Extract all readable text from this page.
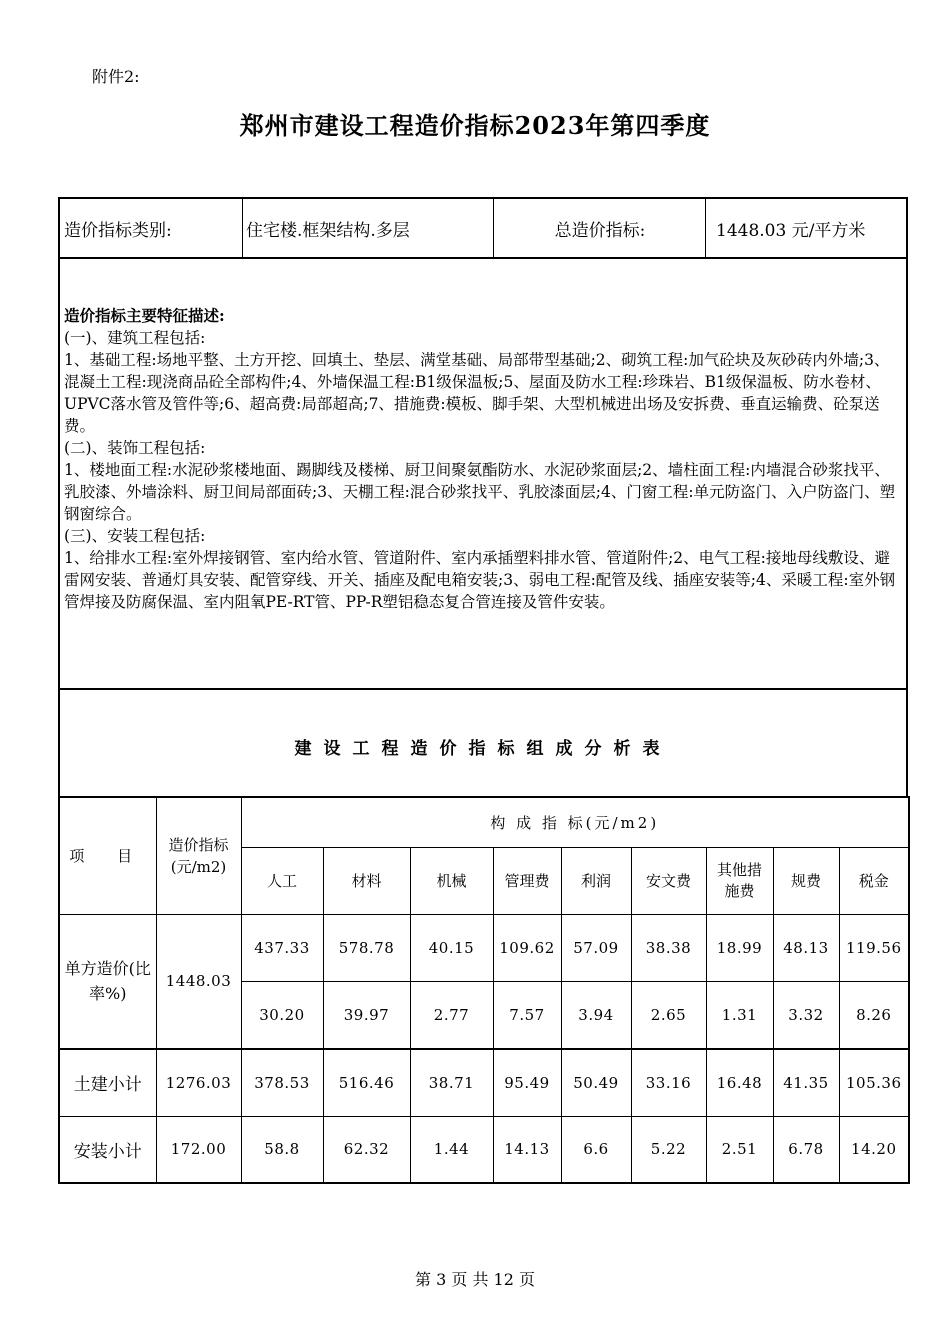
附件2:
郑州市建设工程造价指标2023年第四季度
造价指标类别:	住宅楼.框架结构.多层	总造价指标:	1448.03 元/平方米
造价指标主要特征描述:
(一)、建筑工程包括:
1、基础工程:场地平整、土方开挖、回填土、垫层、满堂基础、局部带型基础;2、砌筑工程:加气砼块及灰砂砖内外墙;3、混凝土工程:现浇商品砼全部构件;4、外墙保温工程:B1级保温板;5、屋面及防水工程:珍珠岩、B1级保温板、防水卷材、UPVC落水管及管件等;6、超高费:局部超高;7、措施费:模板、脚手架、大型机械进出场及安拆费、垂直运输费、砼泵送费。
(二)、装饰工程包括:
1、楼地面工程:水泥砂浆楼地面、踢脚线及楼梯、厨卫间聚氨酯防水、水泥砂浆面层;2、墙柱面工程:内墙混合砂浆找平、乳胶漆、外墙涂料、厨卫间局部面砖;3、天棚工程:混合砂浆找平、乳胶漆面层;4、门窗工程:单元防盗门、入户防盗门、塑钢窗综合。
(三)、安装工程包括:
1、给排水工程:室外焊接钢管、室内给水管、管道附件、室内承插塑料排水管、管道附件;2、电气工程:接地母线敷设、避雷网安装、普通灯具安装、配管穿线、开关、插座及配电箱安装;3、弱电工程:配管及线、插座安装等;4、采暖工程:室外钢管焊接及防腐保温、室内阻氧PE-RT管、PP-R塑铝稳态复合管连接及管件安装。
建设工程造价指标组成分析表
项 目	造价指标(元/m2)	构 成 指 标(元/m2)								
		人工	材料	机械	管理费	利润	安文费	其他措施费	规费	税金
单方造价(比率%)	1448.03	437.33	578.78	40.15	109.62	57.09	38.38	18.99	48.13	119.56
		30.20	39.97	2.77	7.57	3.94	2.65	1.31	3.32	8.26
土建小计	1276.03	378.53	516.46	38.71	95.49	50.49	33.16	16.48	41.35	105.36
安装小计	172.00	58.8	62.32	1.44	14.13	6.6	5.22	2.51	6.78	14.20
第 3 页 共 12 页
